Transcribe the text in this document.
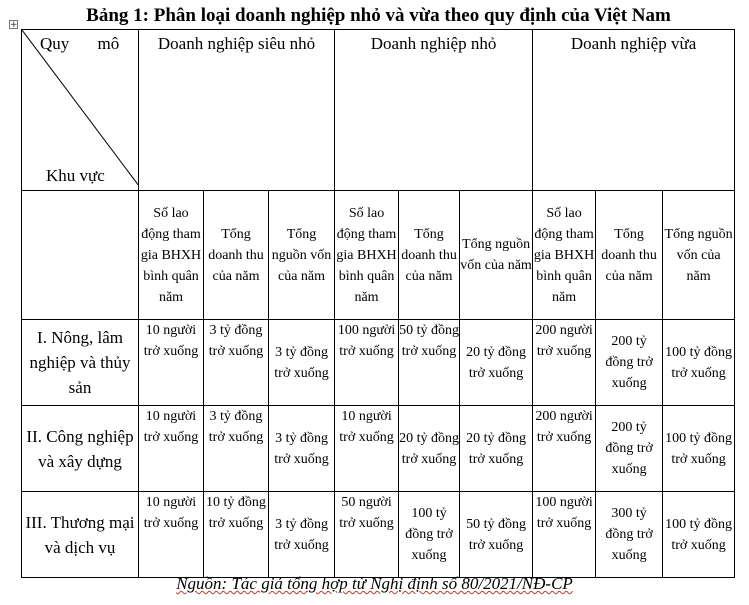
Bảng 1: Phân loại doanh nghiệp nhỏ và vừa theo quy định của Việt Nam
+
Quy mô
Khu vực	Doanh nghiệp siêu nhỏ			Doanh nghiệp nhỏ			Doanh nghiệp vừa		
	Số lao động tham gia BHXH bình quân năm	Tổng doanh thu của năm	Tổng nguồn vốn của năm	Số lao động tham gia BHXH bình quân năm	Tổng doanh thu của năm	Tổng nguồn vốn của năm	Số lao động tham gia BHXH bình quân năm	Tổng doanh thu của năm	Tổng nguồn vốn của năm
I. Nông, lâm nghiệp và thủy sản	10 người trở xuống	3 tỷ đồng trở xuống	3 tỷ đồng trở xuống	100 người trở xuống	50 tỷ đồng trở xuống	20 tỷ đồng trở xuống	200 người trở xuống	200 tỷ đồng trở xuống	100 tỷ đồng trở xuống
II. Công nghiệp và xây dựng	10 người trở xuống	3 tỷ đồng trở xuống	3 tỷ đồng trở xuống	10 người trở xuống	20 tỷ đồng trở xuống	20 tỷ đồng trở xuống	200 người trở xuống	200 tỷ đồng trở xuống	100 tỷ đồng trở xuống
III. Thương mại và dịch vụ	10 người trở xuống	10 tỷ đồng trở xuống	3 tỷ đồng trở xuống	50 người trở xuống	100 tỷ đồng trở xuống	50 tỷ đồng trở xuống	100 người trở xuống	300 tỷ đồng trở xuống	100 tỷ đồng trở xuống
Nguồn: Tác giả tổng hợp từ Nghị định số 80/2021/NĐ-CP
